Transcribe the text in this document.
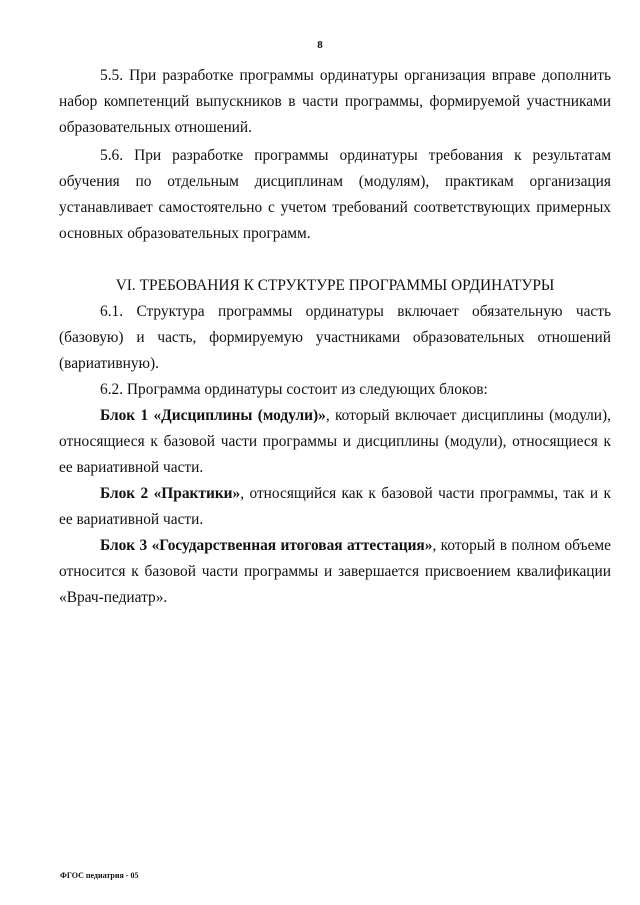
8

5.5. При разработке программы ординатуры организация вправе дополнить набор компетенций выпускников в части программы, формируемой участниками образовательных отношений.

5.6. При разработке программы ординатуры требования к результатам обучения по отдельным дисциплинам (модулям), практикам организация устанавливает самостоятельно с учетом требований соответствующих примерных основных образовательных программ.

VI. ТРЕБОВАНИЯ К СТРУКТУРЕ ПРОГРАММЫ ОРДИНАТУРЫ

6.1. Структура программы ординатуры включает обязательную часть (базовую) и часть, формируемую участниками образовательных отношений (вариативную).

6.2. Программа ординатуры состоит из следующих блоков:

Блок 1 «Дисциплины (модули)», который включает дисциплины (модули), относящиеся к базовой части программы и дисциплины (модули), относящиеся к ее вариативной части.

Блок 2 «Практики», относящийся как к базовой части программы, так и к ее вариативной части.

Блок 3 «Государственная итоговая аттестация», который в полном объеме относится к базовой части программы и завершается присвоением квалификации «Врач-педиатр».

ФГОС педиатрия - 05
